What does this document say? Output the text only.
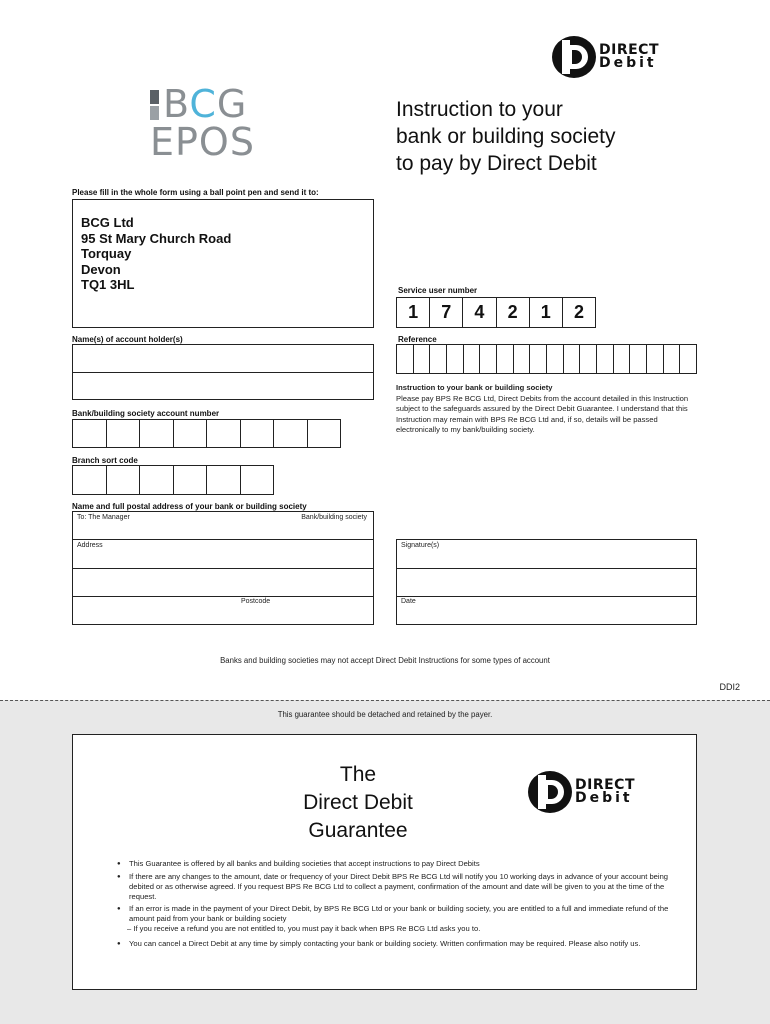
DIRECT
Debit
BCG
EPOS
Instruction to your
bank or building society
to pay by Direct Debit
Please fill in the whole form using a ball point pen and send it to:
BCG Ltd
95 St Mary Church Road
Torquay
Devon
TQ1 3HL	Service user number
1	7	4	2	1	2
Name(s) of account holder(s)	Reference
Instruction to your bank or building society
Please pay BPS Re BCG Ltd, Direct Debits from the account detailed in this Instruction subject to the safeguards assured by the Direct Debit Guarantee. I understand that this Instruction may remain with BPS Re BCG Ltd and, if so, details will be passed electronically to my bank/building society.
Bank/building society account number
Branch sort code
Name and full postal address of your bank or building society
To: The Manager	Bank/building society
Address
Postcode
Signature(s)
Date
Banks and building societies may not accept Direct Debit Instructions for some types of account
DDI2
This guarantee should be detached and retained by the payer.
The
Direct Debit
Guarantee
DIRECT
Debit
● This Guarantee is offered by all banks and building societies that accept instructions to pay Direct Debits
● If there are any changes to the amount, date or frequency of your Direct Debit BPS Re BCG Ltd will notify you 10 working days in advance of your account being debited or as otherwise agreed. If you request BPS Re BCG Ltd to collect a payment, confirmation of the amount and date will be given to you at the time of the request.
● If an error is made in the payment of your Direct Debit, by BPS Re BCG Ltd or your bank or building society, you are entitled to a full and immediate refund of the amount paid from your bank or building society
– If you receive a refund you are not entitled to, you must pay it back when BPS Re BCG Ltd asks you to.
● You can cancel a Direct Debit at any time by simply contacting your bank or building society. Written confirmation may be required. Please also notify us.
